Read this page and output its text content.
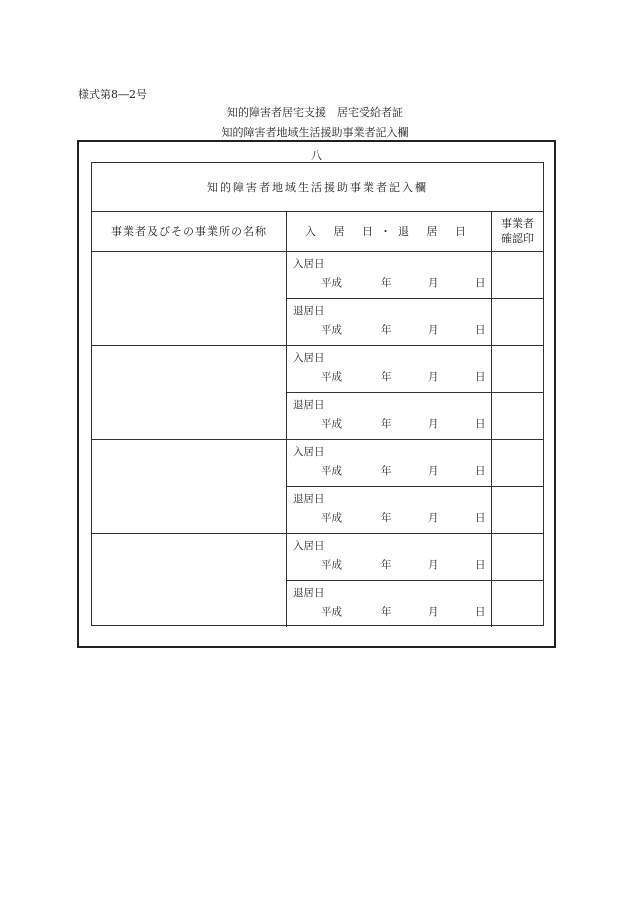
様式第8―2号
知的障害者居宅支援　居宅受給者証
知的障害者地域生活援助事業者記入欄
八
知的障害者地域生活援助事業者記入欄
事業者及びその事業所の名称	入 居 日・退 居 日
事業者
確認印
入居日
平成	年	月	日
退居日
平成	年	月	日
入居日
平成	年	月	日
退居日
平成	年	月	日
入居日
平成	年	月	日
退居日
平成	年	月	日
入居日
平成	年	月	日
退居日
平成	年	月	日
